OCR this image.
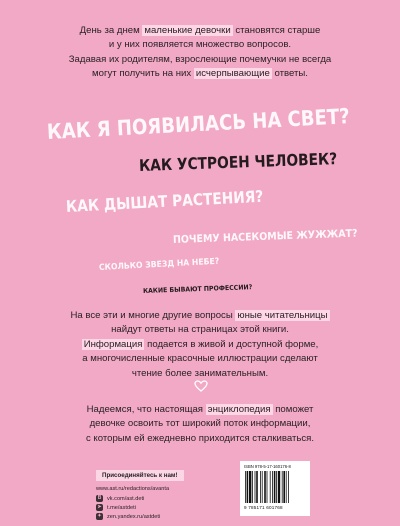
День за днем маленькие девочки становятся старше
и у них появляется множество вопросов.
Задавая их родителям, взрослеющие почемучки не всегда
могут получить на них исчерпывающие ответы.
КАК Я ПОЯВИЛАСЬ НА СВЕТ?
КАК УСТРОЕН ЧЕЛОВЕК?
КАК ДЫШАТ РАСТЕНИЯ?
ПОЧЕМУ НАСЕКОМЫЕ ЖУЖЖАТ?
СКОЛЬКО ЗВЕЗД НА НЕБЕ?
КАКИЕ БЫВАЮТ ПРОФЕССИИ?
На все эти и многие другие вопросы юные читательницы
найдут ответы на страницах этой книги.
Информация подается в живой и доступной форме,
а многочисленные красочные иллюстрации сделают
чтение более занимательным.
Надеемся, что настоящая энциклопедия поможет
девочке освоить тот широкий поток информации,
с которым ей ежедневно приходится сталкиваться.
Присоединяйтесь к нам!
www.ast.ru/redactions/avanta
B	vk.com/ast.deti
➤ t.me/astdeti
✦ zen.yandex.ru/astdeti
ISBN 978-5-17-160176-8
9 785171 601768
